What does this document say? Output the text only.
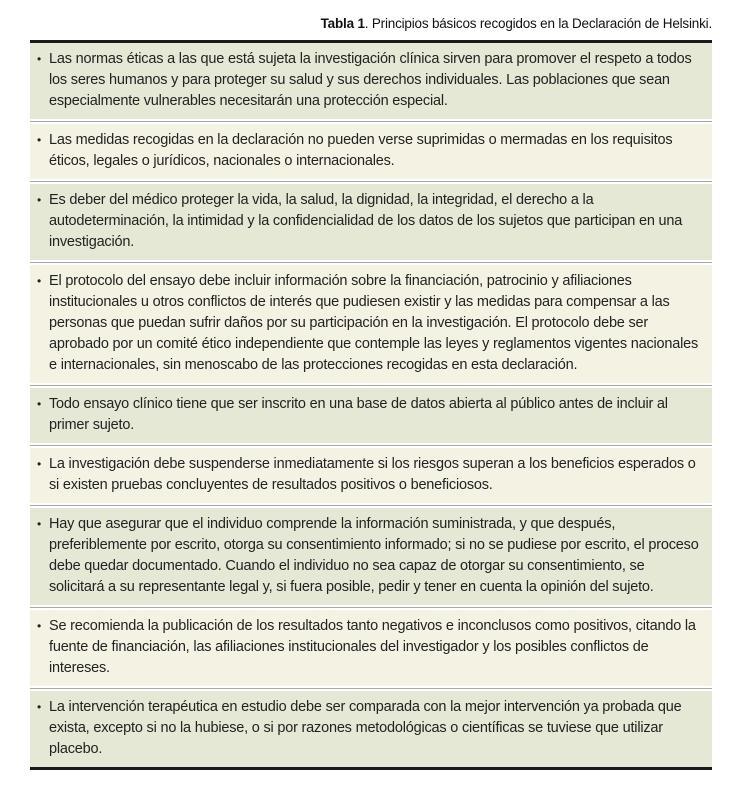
Tabla 1. Principios básicos recogidos en la Declaración de Helsinki.
• Las normas éticas a las que está sujeta la investigación clínica sirven para promover el respeto a todos los seres humanos y para proteger su salud y sus derechos individuales. Las poblaciones que sean especialmente vulnerables necesitarán una protección especial.
• Las medidas recogidas en la declaración no pueden verse suprimidas o mermadas en los requisitos éticos, legales o jurídicos, nacionales o internacionales.
• Es deber del médico proteger la vida, la salud, la dignidad, la integridad, el derecho a la autodeterminación, la intimidad y la confidencialidad de los datos de los sujetos que participan en una investigación.
• El protocolo del ensayo debe incluir información sobre la financiación, patrocinio y afiliaciones institucionales u otros conflictos de interés que pudiesen existir y las medidas para compensar a las personas que puedan sufrir daños por su participación en la investigación. El protocolo debe ser aprobado por un comité ético independiente que contemple las leyes y reglamentos vigentes nacionales e internacionales, sin menoscabo de las protecciones recogidas en esta declaración.
• Todo ensayo clínico tiene que ser inscrito en una base de datos abierta al público antes de incluir al primer sujeto.
• La investigación debe suspenderse inmediatamente si los riesgos superan a los beneficios esperados o si existen pruebas concluyentes de resultados positivos o beneficiosos.
• Hay que asegurar que el individuo comprende la información suministrada, y que después, preferiblemente por escrito, otorga su consentimiento informado; si no se pudiese por escrito, el proceso debe quedar documentado. Cuando el individuo no sea capaz de otorgar su consentimiento, se solicitará a su representante legal y, si fuera posible, pedir y tener en cuenta la opinión del sujeto.
• Se recomienda la publicación de los resultados tanto negativos e inconclusos como positivos, citando la fuente de financiación, las afiliaciones institucionales del investigador y los posibles conflictos de intereses.
• La intervención terapéutica en estudio debe ser comparada con la mejor intervención ya probada que exista, excepto si no la hubiese, o si por razones metodológicas o científicas se tuviese que utilizar placebo.
